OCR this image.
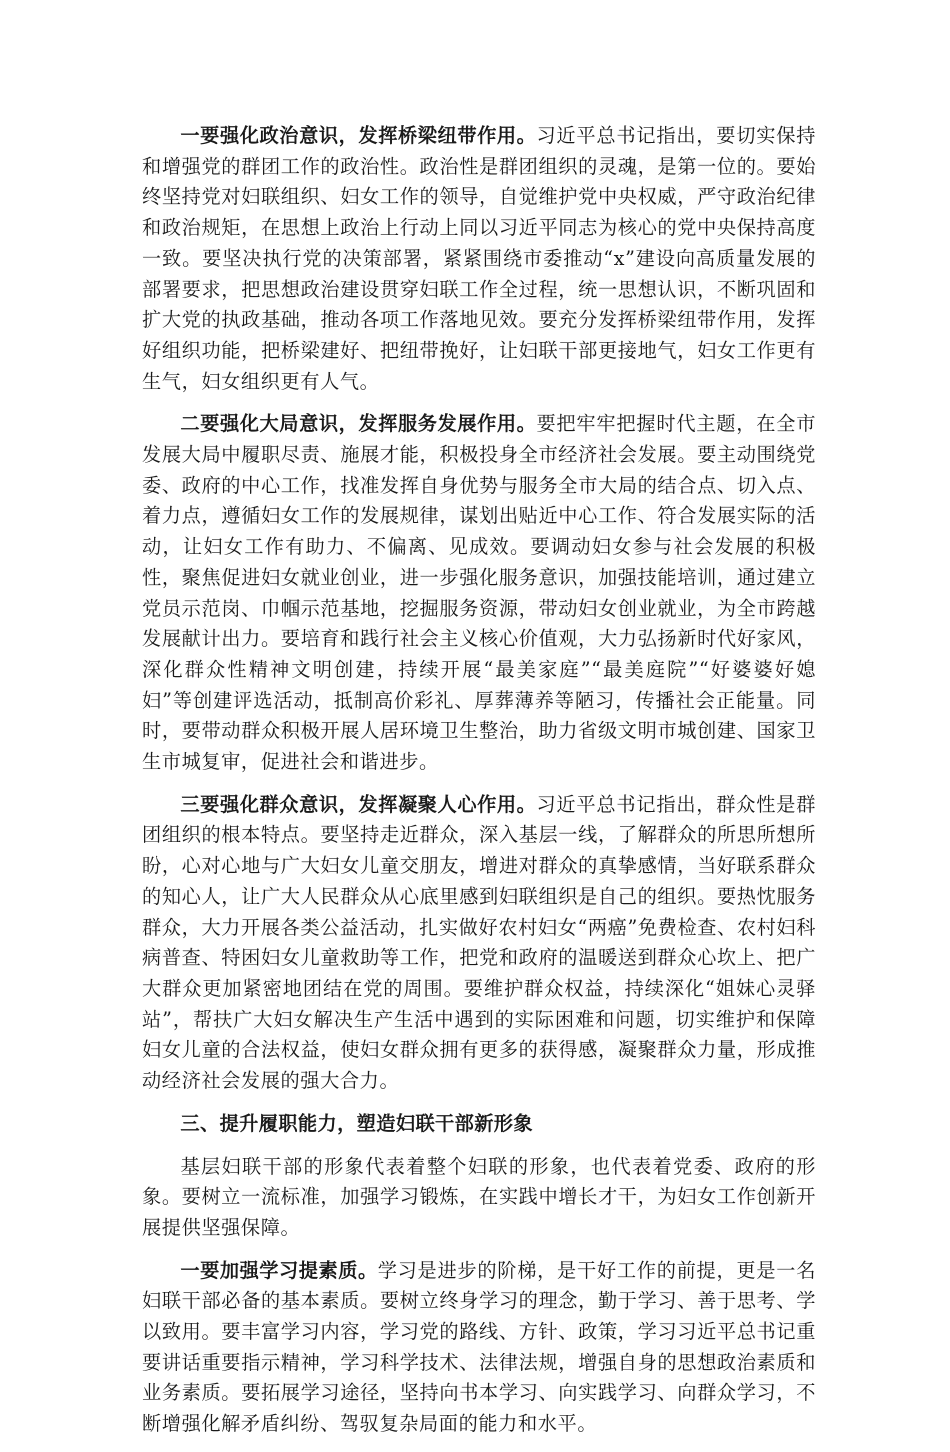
一要强化政治意识，发挥桥梁纽带作用。习近平总书记指出，要切实保持和增强党的群团工作的政治性。政治性是群团组织的灵魂，是第一位的。要始终坚持党对妇联组织、妇女工作的领导，自觉维护党中央权威，严守政治纪律和政治规矩，在思想上政治上行动上同以习近平同志为核心的党中央保持高度一致。要坚决执行党的决策部署，紧紧围绕市委推动“x”建设向高质量发展的部署要求，把思想政治建设贯穿妇联工作全过程，统一思想认识，不断巩固和扩大党的执政基础，推动各项工作落地见效。要充分发挥桥梁纽带作用，发挥好组织功能，把桥梁建好、把纽带挽好，让妇联干部更接地气，妇女工作更有生气，妇女组织更有人气。

二要强化大局意识，发挥服务发展作用。要把牢牢把握时代主题，在全市发展大局中履职尽责、施展才能，积极投身全市经济社会发展。要主动围绕党委、政府的中心工作，找准发挥自身优势与服务全市大局的结合点、切入点、着力点，遵循妇女工作的发展规律，谋划出贴近中心工作、符合发展实际的活动，让妇女工作有助力、不偏离、见成效。要调动妇女参与社会发展的积极性，聚焦促进妇女就业创业，进一步强化服务意识，加强技能培训，通过建立党员示范岗、巾帼示范基地，挖掘服务资源，带动妇女创业就业，为全市跨越发展献计出力。要培育和践行社会主义核心价值观，大力弘扬新时代好家风，深化群众性精神文明创建，持续开展“最美家庭”“最美庭院”“好婆婆好媳妇”等创建评选活动，抵制高价彩礼、厚葬薄养等陋习，传播社会正能量。同时，要带动群众积极开展人居环境卫生整治，助力省级文明市城创建、国家卫生市城复审，促进社会和谐进步。

三要强化群众意识，发挥凝聚人心作用。习近平总书记指出，群众性是群团组织的根本特点。要坚持走近群众，深入基层一线，了解群众的所思所想所盼，心对心地与广大妇女儿童交朋友，增进对群众的真挚感情，当好联系群众的知心人，让广大人民群众从心底里感到妇联组织是自己的组织。要热忱服务群众，大力开展各类公益活动，扎实做好农村妇女“两癌”免费检查、农村妇科病普查、特困妇女儿童救助等工作，把党和政府的温暖送到群众心坎上、把广大群众更加紧密地团结在党的周围。要维护群众权益，持续深化“姐妹心灵驿站”，帮扶广大妇女解决生产生活中遇到的实际困难和问题，切实维护和保障妇女儿童的合法权益，使妇女群众拥有更多的获得感，凝聚群众力量，形成推动经济社会发展的强大合力。

三、提升履职能力，塑造妇联干部新形象

基层妇联干部的形象代表着整个妇联的形象，也代表着党委、政府的形象。要树立一流标准，加强学习锻炼，在实践中增长才干，为妇女工作创新开展提供坚强保障。

一要加强学习提素质。学习是进步的阶梯，是干好工作的前提，更是一名妇联干部必备的基本素质。要树立终身学习的理念，勤于学习、善于思考、学以致用。要丰富学习内容，学习党的路线、方针、政策，学习习近平总书记重要讲话重要指示精神，学习科学技术、法律法规，增强自身的思想政治素质和业务素质。要拓展学习途径，坚持向书本学习、向实践学习、向群众学习，不断增强化解矛盾纠纷、驾驭复杂局面的能力和水平。
